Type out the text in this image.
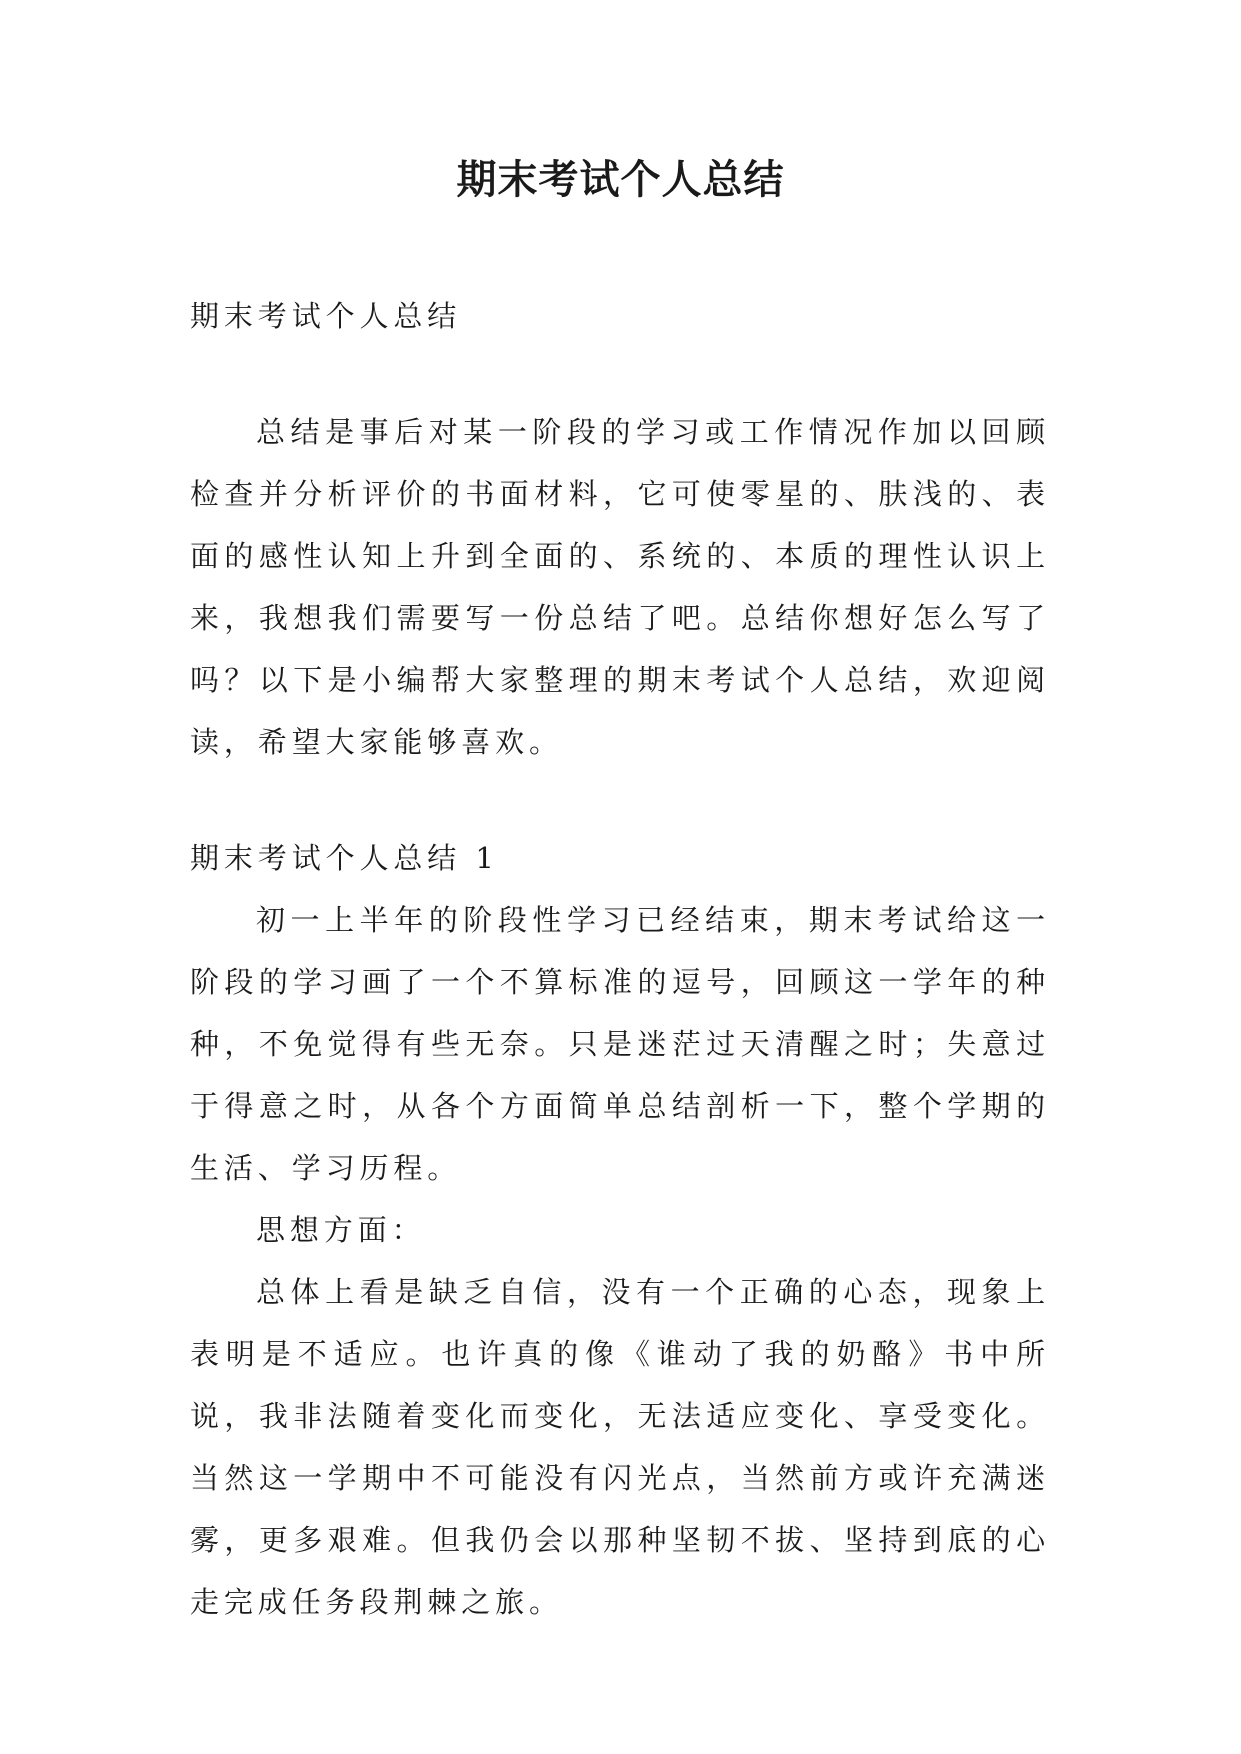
期末考试个人总结

期末考试个人总结

总结是事后对某一阶段的学习或工作情况作加以回顾检查并分析评价的书面材料，它可使零星的、肤浅的、表面的感性认知上升到全面的、系统的、本质的理性认识上来，我想我们需要写一份总结了吧。总结你想好怎么写了吗？以下是小编帮大家整理的期末考试个人总结，欢迎阅读，希望大家能够喜欢。

期末考试个人总结 1

初一上半年的阶段性学习已经结束，期末考试给这一阶段的学习画了一个不算标准的逗号，回顾这一学年的种种，不免觉得有些无奈。只是迷茫过天清醒之时；失意过于得意之时，从各个方面简单总结剖析一下，整个学期的生活、学习历程。

思想方面：

总体上看是缺乏自信，没有一个正确的心态，现象上表明是不适应。也许真的像《谁动了我的奶酪》书中所说，我非法随着变化而变化，无法适应变化、享受变化。当然这一学期中不可能没有闪光点，当然前方或许充满迷雾，更多艰难。但我仍会以那种坚韧不拔、坚持到底的心走完成任务段荆棘之旅。
